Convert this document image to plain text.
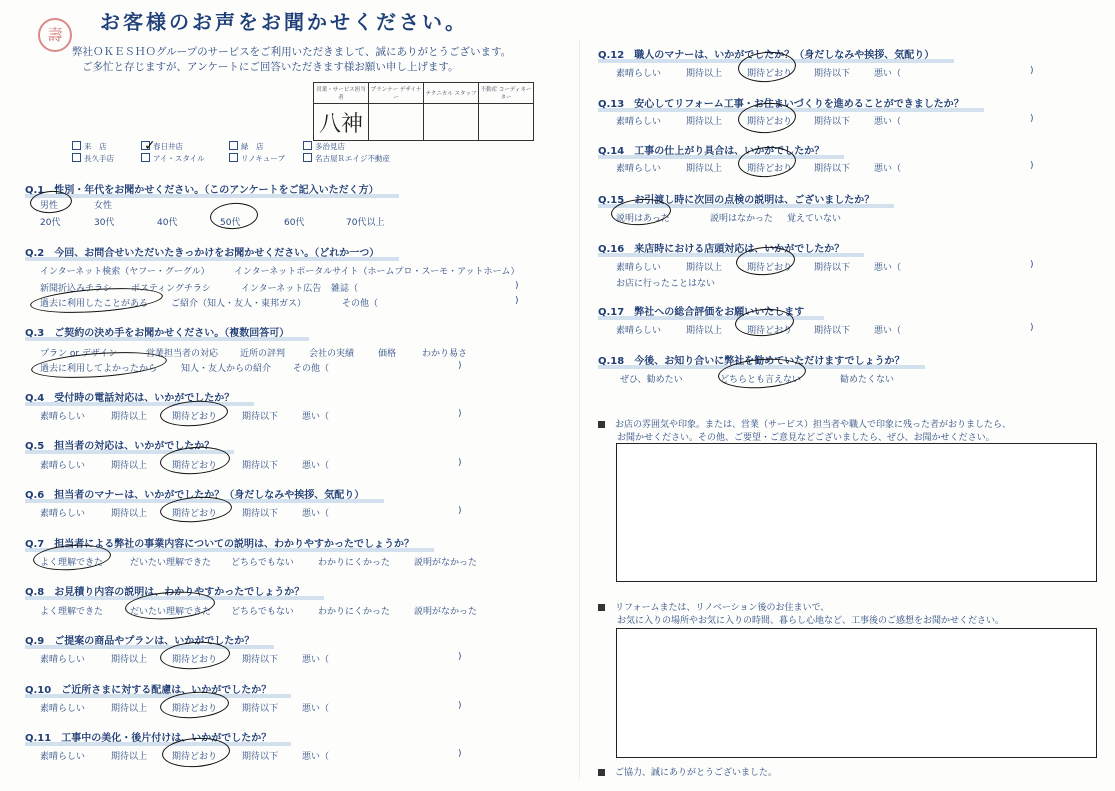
壽
お客様のお声をお聞かせください。
弊社ＯＫＥＳＨＯグループのサービスをご利用いただきまして、誠にありがとうございます。
ご多忙と存じますが、アンケートにご回答いただきます様お願い申し上げます。
営業・サービス担当者	プランナー デザイナー	テクニカル スタッフ	不動産 コーディネーター
八神			
来　店	春日井店	緑　店	多治見店
長久手店	アイ・スタイル	リノキューブ	名古屋Ｒエイジ不動産
✓
Q.1　性別・年代をお聞かせください。（このアンケートをご記入いただく方）
男性	女性
20代	30代	40代	50代	60代	70代以上
Q.2　今回、お問合せいただいたきっかけをお聞かせください。（どれか一つ）
インターネット検索（ヤフー・グーグル）	インターネットポータルサイト（ホームプロ・スーモ・アットホーム）
新聞折込みチラシ ポスティングチラシ	インターネット広告 雑誌（	)
過去に利用したことがある	ご紹介（知人・友人・東邦ガス）	その他（	)
Q.3　ご契約の決め手をお聞かせください。（複数回答可）
プラン or デザイン	営業担当者の対応 近所の評判	会社の実績	価格	わかり易さ
過去に利用してよかったから	知人・友人からの紹介 その他（	)
Q.4　受付時の電話対応は、いかがでしたか？
素晴らしい	期待以上	期待どおり	期待以下	悪い（	)
Q.5　担当者の対応は、いかがでしたか？
素晴らしい	期待以上	期待どおり	期待以下	悪い（	)
Q.6　担当者のマナーは、いかがでしたか？（身だしなみや挨拶、気配り）
素晴らしい	期待以上	期待どおり	期待以下	悪い（	)
Q.7　担当者による弊社の事業内容についての説明は、わかりやすかったでしょうか？
よく理解できた	だいたい理解できた どちらでもない	わかりにくかった	説明がなかった
Q.8　お見積り内容の説明は、わかりやすかったでしょうか？
よく理解できた	だいたい理解できた どちらでもない	わかりにくかった	説明がなかった
Q.9　ご提案の商品やプランは、いかがでしたか？
素晴らしい	期待以上	期待どおり	期待以下	悪い（	)
Q.10　ご近所さまに対する配慮は、いかがでしたか？
素晴らしい	期待以上	期待どおり	期待以下	悪い（	)
Q.11　工事中の美化・後片付けは、いかがでしたか？
素晴らしい	期待以上	期待どおり	期待以下	悪い（	)
Q.12　職人のマナーは、いかがでしたか？（身だしなみや挨拶、気配り）
素晴らしい	期待以上	期待どおり 期待以下	悪い（	)
Q.13　安心してリフォーム工事・お住まいづくりを進めることができましたか？
素晴らしい	期待以上	期待どおり 期待以下	悪い（	)
Q.14　工事の仕上がり具合は、いかがでしたか？
素晴らしい	期待以上	期待どおり 期待以下	悪い（	)
Q.15　お引渡し時に次回の点検の説明は、ございましたか？
説明はあった	説明はなかった 覚えていない
Q.16　来店時における店頭対応は、いかがでしたか？
素晴らしい	期待以上	期待どおり 期待以下	悪い（	)
お店に行ったことはない
Q.17　弊社への総合評価をお願いいたします
素晴らしい	期待以上	期待どおり 期待以下	悪い（	)
Q.18　今後、お知り合いに弊社を勧めていただけますでしょうか？
ぜひ、勧めたい	どちらとも言えない	勧めたくない
お店の雰囲気や印象。または、営業（サービス）担当者や職人で印象に残った者がおりましたら、
お聞かせください。その他、ご要望・ご意見などございましたら、ぜひ、お聞かせください。
リフォームまたは、リノベーション後のお住まいで、
お気に入りの場所やお気に入りの時間、暮らし心地など、工事後のご感想をお聞かせください。
ご協力、誠にありがとうございました。
